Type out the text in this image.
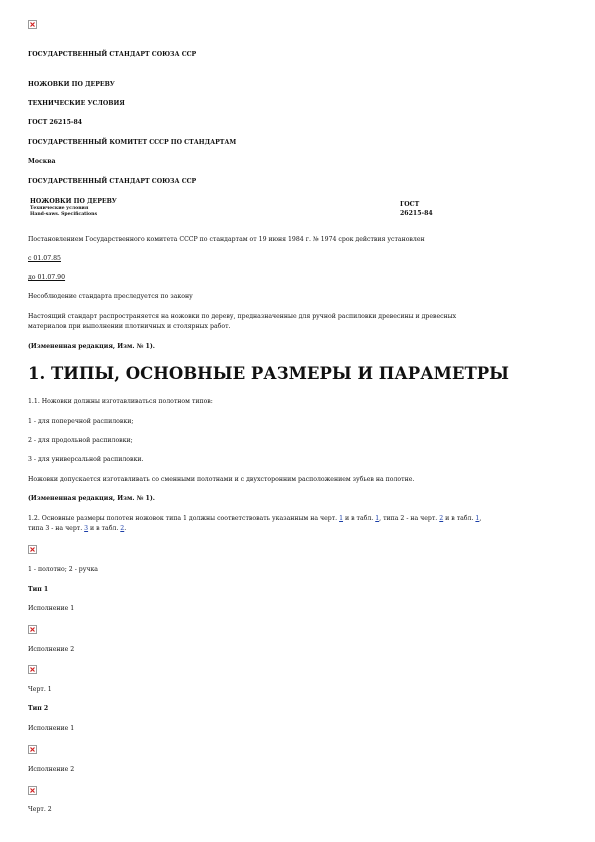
ГОСУДАРСТВЕННЫЙ СТАНДАРТ СОЮЗА ССР
НОЖОВКИ ПО ДЕРЕВУ
ТЕХНИЧЕСКИЕ УСЛОВИЯ
ГОСТ 26215-84
ГОСУДАРСТВЕННЫЙ КОМИТЕТ СССР ПО СТАНДАРТАМ
Москва
ГОСУДАРСТВЕННЫЙ СТАНДАРТ СОЮЗА ССР
НОЖОВКИ ПО ДЕРЕВУ
Технические условия
Hand-saws. Specifications
ГОСТ
26215-84
Постановлением Государственного комитета СССР по стандартам от 19 июня 1984 г. № 1974 срок действия установлен
с 01.07.85
до 01.07.90
Несоблюдение стандарта преследуется по закону
Настоящий стандарт распространяется на ножовки по дереву, предназначенные для ручной распиловки древесины и древесных
материалов при выполнении плотничных и столярных работ.
(Измененная редакция, Изм. № 1).
1. ТИПЫ, ОСНОВНЫЕ РАЗМЕРЫ И ПАРАМЕТРЫ
1.1. Ножовки должны изготавливаться полотном типов:
1 - для поперечной распиловки;
2 - для продольной распиловки;
3 - для универсальной распиловки.
Ножовки допускается изготавливать со сменными полотнами и с двухсторонним расположением зубьев на полотне.
(Измененная редакция, Изм. № 1).
1.2. Основные размеры полотен ножовок типа 1 должны соответствовать указанным на черт. 1 и в табл. 1, типа 2 - на черт. 2 и в табл. 1,
типа 3 - на черт. 3 и в табл. 2.
1 - полотно; 2 - ручка
Тип 1
Исполнение 1
Исполнение 2
Черт. 1
Тип 2
Исполнение 1
Исполнение 2
Черт. 2
